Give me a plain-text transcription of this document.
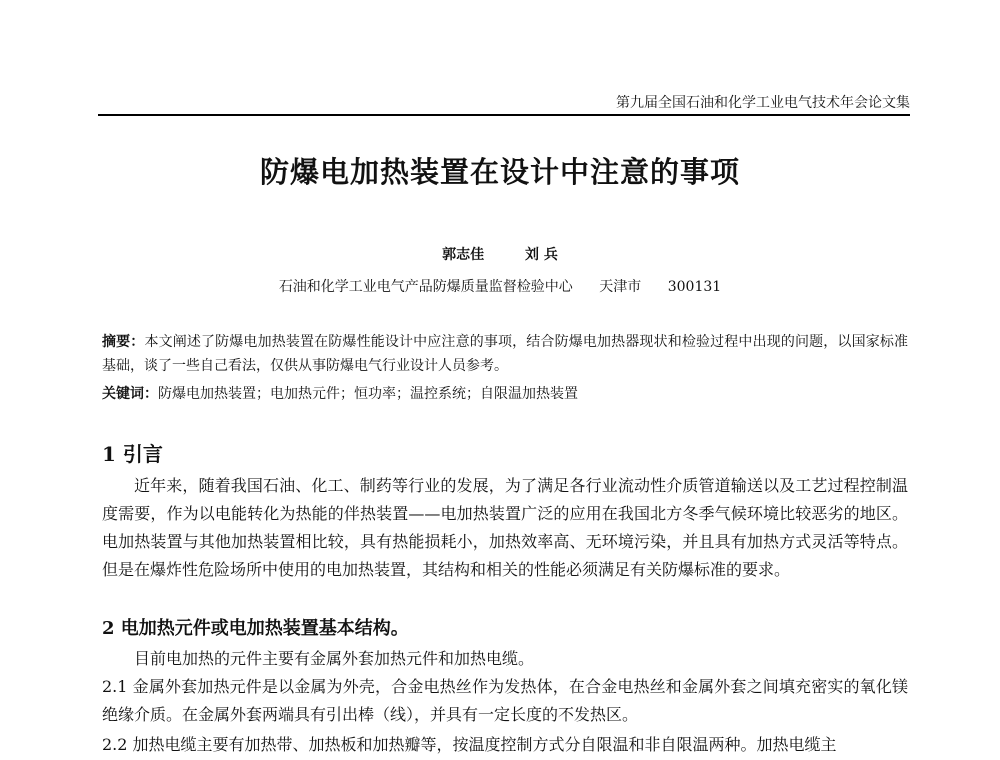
第九届全国石油和化学工业电气技术年会论文集
防爆电加热装置在设计中注意的事项
郭志佳	刘 兵
石油和化学工业电气产品防爆质量监督检验中心 天津市 300131
摘要：本文阐述了防爆电加热装置在防爆性能设计中应注意的事项，结合防爆电加热器现状和检验过程中出现的问题，以国家标准基础，谈了一些自己看法，仅供从事防爆电气行业设计人员参考。
关键词：防爆电加热装置；电加热元件；恒功率；温控系统；自限温加热装置
1 引言
近年来，随着我国石油、化工、制药等行业的发展，为了满足各行业流动性介质管道输送以及工艺过程控制温度需要，作为以电能转化为热能的伴热装置——电加热装置广泛的应用在我国北方冬季气候环境比较恶劣的地区。电加热装置与其他加热装置相比较，具有热能损耗小，加热效率高、无环境污染，并且具有加热方式灵活等特点。但是在爆炸性危险场所中使用的电加热装置，其结构和相关的性能必须满足有关防爆标准的要求。
2 电加热元件或电加热装置基本结构。
目前电加热的元件主要有金属外套加热元件和加热电缆。
2.1 金属外套加热元件是以金属为外壳，合金电热丝作为发热体，在合金电热丝和金属外套之间填充密实的氧化镁绝缘介质。在金属外套两端具有引出棒（线），并具有一定长度的不发热区。
2.2 加热电缆主要有加热带、加热板和加热瓣等，按温度控制方式分自限温和非自限温两种。加热电缆主
